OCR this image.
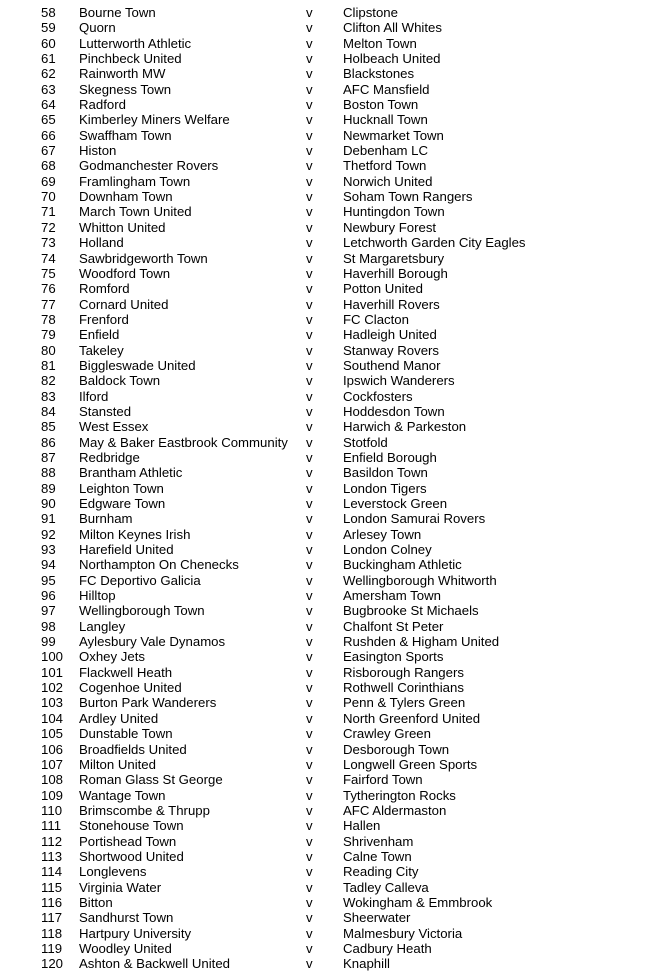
58 Bourne Town	v Clipstone
59 Quorn	v Clifton All Whites
60 Lutterworth Athletic	v Melton Town
61 Pinchbeck United	v Holbeach United
62 Rainworth MW	v Blackstones
63 Skegness Town	v AFC Mansfield
64 Radford	v Boston Town
65 Kimberley Miners Welfare	v Hucknall Town
66 Swaffham Town	v Newmarket Town
67 Histon	v Debenham LC
68 Godmanchester Rovers	v Thetford Town
69 Framlingham Town	v Norwich United
70 Downham Town	v Soham Town Rangers
71 March Town United	v Huntingdon Town
72 Whitton United	v Newbury Forest
73 Holland	v Letchworth Garden City Eagles
74 Sawbridgeworth Town	v St Margaretsbury
75 Woodford Town	v Haverhill Borough
76 Romford	v Potton United
77 Cornard United	v Haverhill Rovers
78 Frenford	v FC Clacton
79 Enfield	v Hadleigh United
80 Takeley	v Stanway Rovers
81 Biggleswade United	v Southend Manor
82 Baldock Town	v Ipswich Wanderers
83 Ilford	v Cockfosters
84 Stansted	v Hoddesdon Town
85 West Essex	v Harwich & Parkeston
86 May & Baker Eastbrook Community v Stotfold
87 Redbridge	v Enfield Borough
88 Brantham Athletic	v Basildon Town
89 Leighton Town	v London Tigers
90 Edgware Town	v Leverstock Green
91 Burnham	v London Samurai Rovers
92 Milton Keynes Irish	v Arlesey Town
93 Harefield United	v London Colney
94 Northampton On Chenecks	v Buckingham Athletic
95 FC Deportivo Galicia	v Wellingborough Whitworth
96 Hilltop	v Amersham Town
97 Wellingborough Town	v Bugbrooke St Michaels
98 Langley	v Chalfont St Peter
99 Aylesbury Vale Dynamos	v Rushden & Higham United
100 Oxhey Jets	v Easington Sports
101 Flackwell Heath	v Risborough Rangers
102 Cogenhoe United	v Rothwell Corinthians
103 Burton Park Wanderers	v Penn & Tylers Green
104 Ardley United	v North Greenford United
105 Dunstable Town	v Crawley Green
106 Broadfields United	v Desborough Town
107 Milton United	v Longwell Green Sports
108 Roman Glass St George	v Fairford Town
109 Wantage Town	v Tytherington Rocks
110 Brimscombe & Thrupp	v AFC Aldermaston
111 Stonehouse Town	v Hallen
112 Portishead Town	v Shrivenham
113 Shortwood United	v Calne Town
114 Longlevens	v Reading City
115 Virginia Water	v Tadley Calleva
116 Bitton	v Wokingham & Emmbrook
117 Sandhurst Town	v Sheerwater
118 Hartpury University	v Malmesbury Victoria
119 Woodley United	v Cadbury Heath
120 Ashton & Backwell United	v Knaphill
